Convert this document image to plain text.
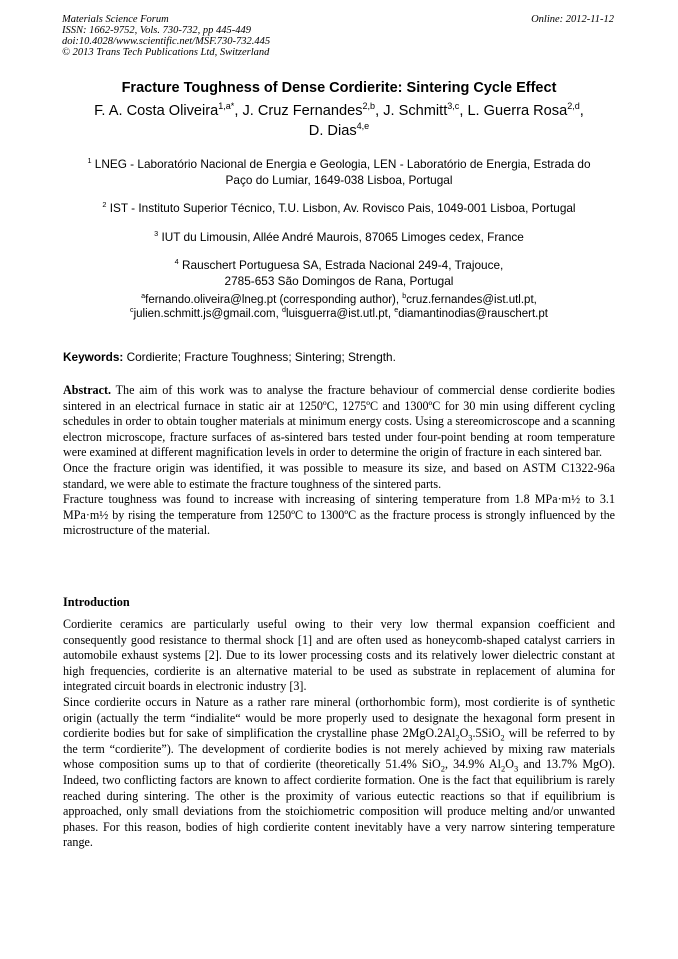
Materials Science Forum
ISSN: 1662-9752, Vols. 730-732, pp 445-449
doi:10.4028/www.scientific.net/MSF.730-732.445
© 2013 Trans Tech Publications Ltd, Switzerland
Online: 2012-11-12
Fracture Toughness of Dense Cordierite: Sintering Cycle Effect
F. A. Costa Oliveira$^{1,a*}$, J. Cruz Fernandes$^{2,b}$, J. Schmitt$^{3,c}$, L. Guerra Rosa$^{2,d}$,
D. Dias$^{4,e}$
$^1$ LNEG - Laboratório Nacional de Energia e Geologia, LEN - Laboratório de Energia, Estrada do
Paço do Lumiar, 1649-038 Lisboa, Portugal
$^2$ IST - Instituto Superior Técnico, T.U. Lisbon, Av. Rovisco Pais, 1049-001 Lisboa, Portugal
$^3$ IUT du Limousin, Allée André Maurois, 87065 Limoges cedex, France
$^4$ Rauschert Portuguesa SA, Estrada Nacional 249-4, Trajouce,
2785-653 São Domingos de Rana, Portugal
$^a$fernando.oliveira@lneg.pt (corresponding author), $^b$cruz.fernandes@ist.utl.pt,
$^c$julien.schmitt.js@gmail.com, $^d$luisguerra@ist.utl.pt, $^e$diamantinodias@rauschert.pt
Keywords: Cordierite; Fracture Toughness; Sintering; Strength.

Abstract. The aim of this work was to analyse the fracture behaviour of commercial dense cordierite bodies sintered in an electrical furnace in static air at 1250ºC, 1275ºC and 1300ºC for 30 min using different cycling schedules in order to obtain tougher materials at minimum energy costs. Using a stereomicroscope and a scanning electron microscope, fracture surfaces of as-sintered bars tested under four-point bending at room temperature were examined at different magnification levels in order to determine the origin of fracture in each sintered bar.

Once the fracture origin was identified, it was possible to measure its size, and based on ASTM C1322-96a standard, we were able to estimate the fracture toughness of the sintered parts.

Fracture toughness was found to increase with increasing of sintering temperature from 1.8 MPa·m½ to 3.1 MPa·m½ by rising the temperature from 1250ºC to 1300ºC as the fracture process is strongly influenced by the microstructure of the material.

Introduction

Cordierite ceramics are particularly useful owing to their very low thermal expansion coefficient and consequently good resistance to thermal shock [1] and are often used as honeycomb-shaped catalyst carriers in automobile exhaust systems [2]. Due to its lower processing costs and its relatively lower dielectric constant at high frequencies, cordierite is an alternative material to be used as substrate in replacement of alumina for integrated circuit boards in electronic industry [3].

Since cordierite occurs in Nature as a rather rare mineral (orthorhombic form), most cordierite is of synthetic origin (actually the term “indialite“ would be more properly used to designate the hexagonal form present in cordierite bodies but for sake of simplification the crystalline phase $2MgO.2Al_2O_3.5SiO_2$ will be referred to by the term “cordierite”). The development of cordierite bodies is not merely achieved by mixing raw materials whose composition sums up to that of cordierite (theoretically 51.4% SiO$_2$, 34.9% $Al_2O_3$ and 13.7% MgO). Indeed, two conflicting factors are known to affect cordierite formation. One is the fact that equilibrium is rarely reached during sintering. The other is the proximity of various eutectic reactions so that if equilibrium is approached, only small deviations from the stoichiometric composition will produce melting and/or unwanted phases. For this reason, bodies of high cordierite content inevitably have a very narrow sintering temperature range.
